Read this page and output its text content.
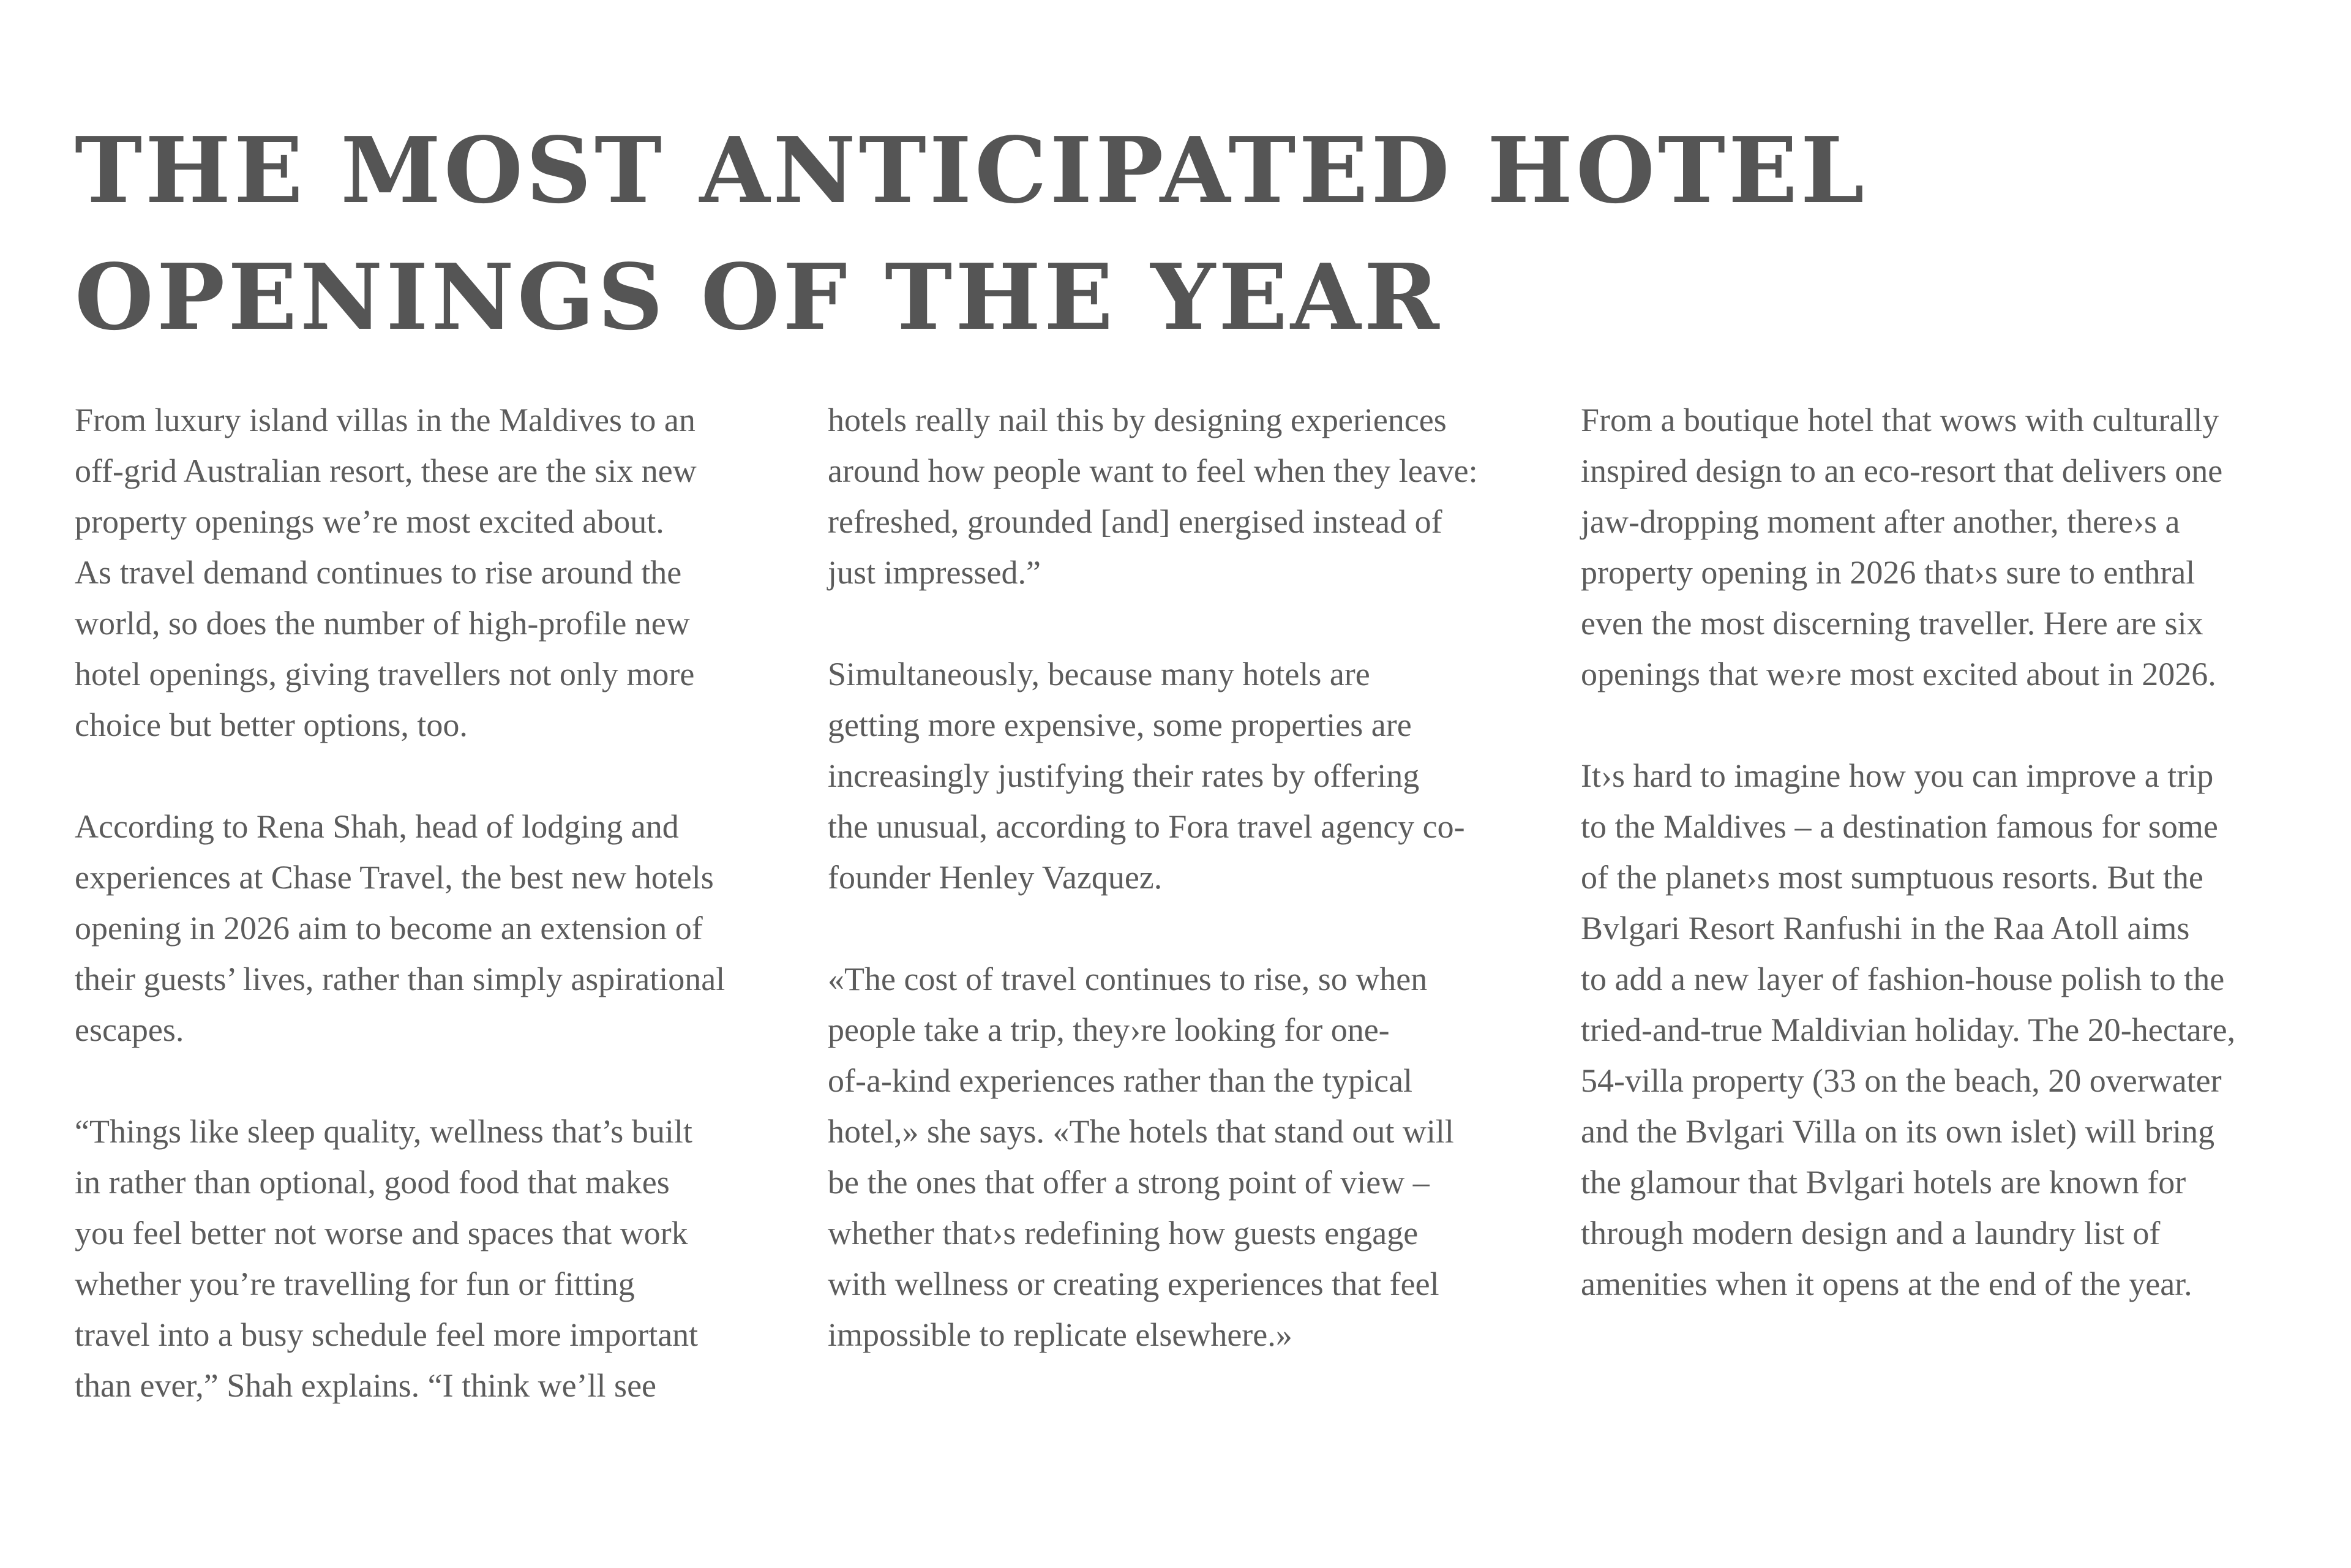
THE MOST ANTICIPATED HOTEL
OPENINGS OF THE YEAR

From luxury island villas in the Maldives to an
off-grid Australian resort, these are the six new
property openings we’re most excited about.

As travel demand continues to rise around the
world, so does the number of high-profile new
hotel openings, giving travellers not only more
choice but better options, too.

According to Rena Shah, head of lodging and
experiences at Chase Travel, the best new hotels
opening in 2026 aim to become an extension of
their guests’ lives, rather than simply aspirational
escapes.

“Things like sleep quality, wellness that’s built
in rather than optional, good food that makes
you feel better not worse and spaces that work
whether you’re travelling for fun or fitting
travel into a busy schedule feel more important
than ever,” Shah explains. “I think we’ll see

hotels really nail this by designing experiences
around how people want to feel when they leave:
refreshed, grounded [and] energised instead of
just impressed.”

Simultaneously, because many hotels are
getting more expensive, some properties are
increasingly justifying their rates by offering
the unusual, according to Fora travel agency co-
founder Henley Vazquez.

«The cost of travel continues to rise, so when
people take a trip, they›re looking for one-
of-a-kind experiences rather than the typical
hotel,» she says. «The hotels that stand out will
be the ones that offer a strong point of view –
whether that›s redefining how guests engage
with wellness or creating experiences that feel
impossible to replicate elsewhere.»

From a boutique hotel that wows with culturally
inspired design to an eco-resort that delivers one
jaw-dropping moment after another, there›s a
property opening in 2026 that›s sure to enthral
even the most discerning traveller. Here are six
openings that we›re most excited about in 2026.

It›s hard to imagine how you can improve a trip
to the Maldives – a destination famous for some
of the planet›s most sumptuous resorts. But the
Bvlgari Resort Ranfushi in the Raa Atoll aims
to add a new layer of fashion-house polish to the
tried-and-true Maldivian holiday. The 20-hectare,
54-villa property (33 on the beach, 20 overwater
and the Bvlgari Villa on its own islet) will bring
the glamour that Bvlgari hotels are known for
through modern design and a laundry list of
amenities when it opens at the end of the year.
